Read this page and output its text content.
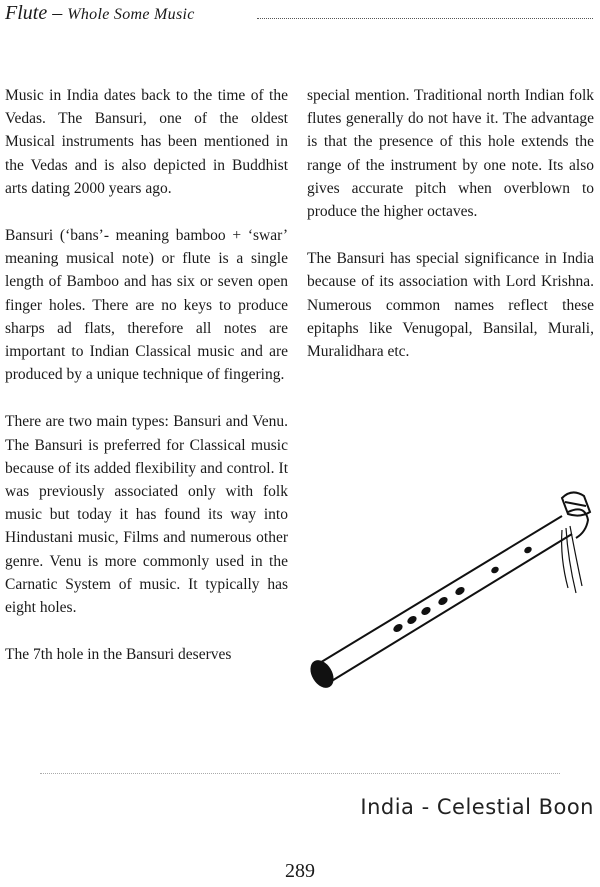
Flute – Whole Some Music

Music in India dates back to the time of the Vedas. The Bansuri, one of the oldest Musical instruments has been mentioned in the Vedas and is also depicted in Buddhist arts dating 2000 years ago.

Bansuri (‘bans’- meaning bamboo + ‘swar’ meaning musical note) or flute is a single length of Bamboo and has six or seven open finger holes. There are no keys to produce sharps ad flats, therefore all notes are important to Indian Classical music and are produced by a unique technique of fingering.

There are two main types: Bansuri and Venu. The Bansuri is preferred for Classical music because of its added flexibility and control. It was previously associated only with folk music but today it has found its way into Hindustani music, Films and numerous other genre. Venu is more commonly used in the Carnatic System of music. It typically has eight holes.

The 7th hole in the Bansuri deserves

special mention. Traditional north Indian folk flutes generally do not have it. The advantage is that the presence of this hole extends the range of the instrument by one note. Its also gives accurate pitch when overblown to produce the higher octaves.

The Bansuri has special significance in India because of its association with Lord Krishna. Numerous common names reflect these epitaphs like Venugopal, Bansilal, Murali, Muralidhara etc.

India - Celestial Boon
289
